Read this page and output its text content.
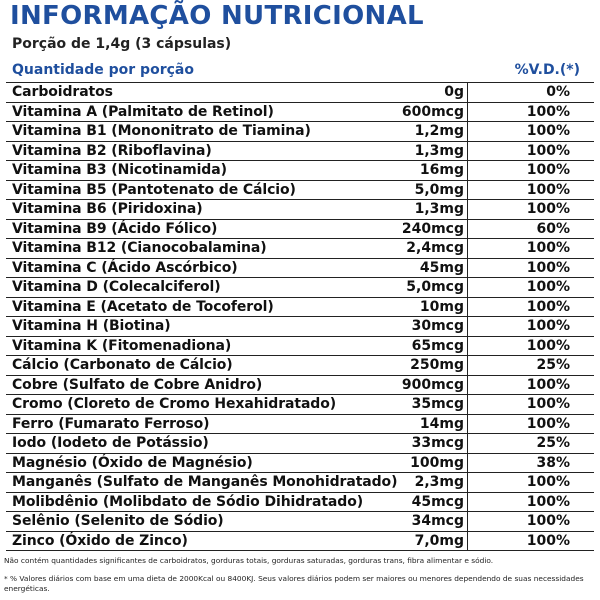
INFORMAÇÃO NUTRICIONAL
Porção de 1,4g (3 cápsulas)
Quantidade por porção	%V.D.(*)
Carboidratos	0g	0%
Vitamina A (Palmitato de Retinol)	600mcg	100%
Vitamina B1 (Mononitrato de Tiamina)	1,2mg	100%
Vitamina B2 (Riboflavina)	1,3mg	100%
Vitamina B3 (Nicotinamida)	16mg	100%
Vitamina B5 (Pantotenato de Cálcio)	5,0mg	100%
Vitamina B6 (Piridoxina)	1,3mg	100%
Vitamina B9 (Ácido Fólico)	240mcg	60%
Vitamina B12 (Cianocobalamina)	2,4mcg	100%
Vitamina C (Ácido Ascórbico)	45mg	100%
Vitamina D (Colecalciferol)	5,0mcg	100%
Vitamina E (Acetato de Tocoferol)	10mg	100%
Vitamina H (Biotina)	30mcg	100%
Vitamina K (Fitomenadiona)	65mcg	100%
Cálcio (Carbonato de Cálcio)	250mg	25%
Cobre (Sulfato de Cobre Anidro)	900mcg	100%
Cromo (Cloreto de Cromo Hexahidratado)	35mcg	100%
Ferro (Fumarato Ferroso)	14mg	100%
Iodo (Iodeto de Potássio)	33mcg	25%
Magnésio (Óxido de Magnésio)	100mg	38%
Manganês (Sulfato de Manganês Monohidratado) 2,3mg	100%
Molibdênio (Molibdato de Sódio Dihidratado)	45mcg	100%
Selênio (Selenito de Sódio)	34mcg	100%
Zinco (Óxido de Zinco)	7,0mg	100%
Não contém quantidades significantes de carboidratos, gorduras totais, gorduras saturadas, gorduras trans, fibra alimentar e sódio.
* % Valores diários com base em uma dieta de 2000Kcal ou 8400KJ. Seus valores diários podem ser maiores ou menores dependendo de suas necessidades energéticas.
